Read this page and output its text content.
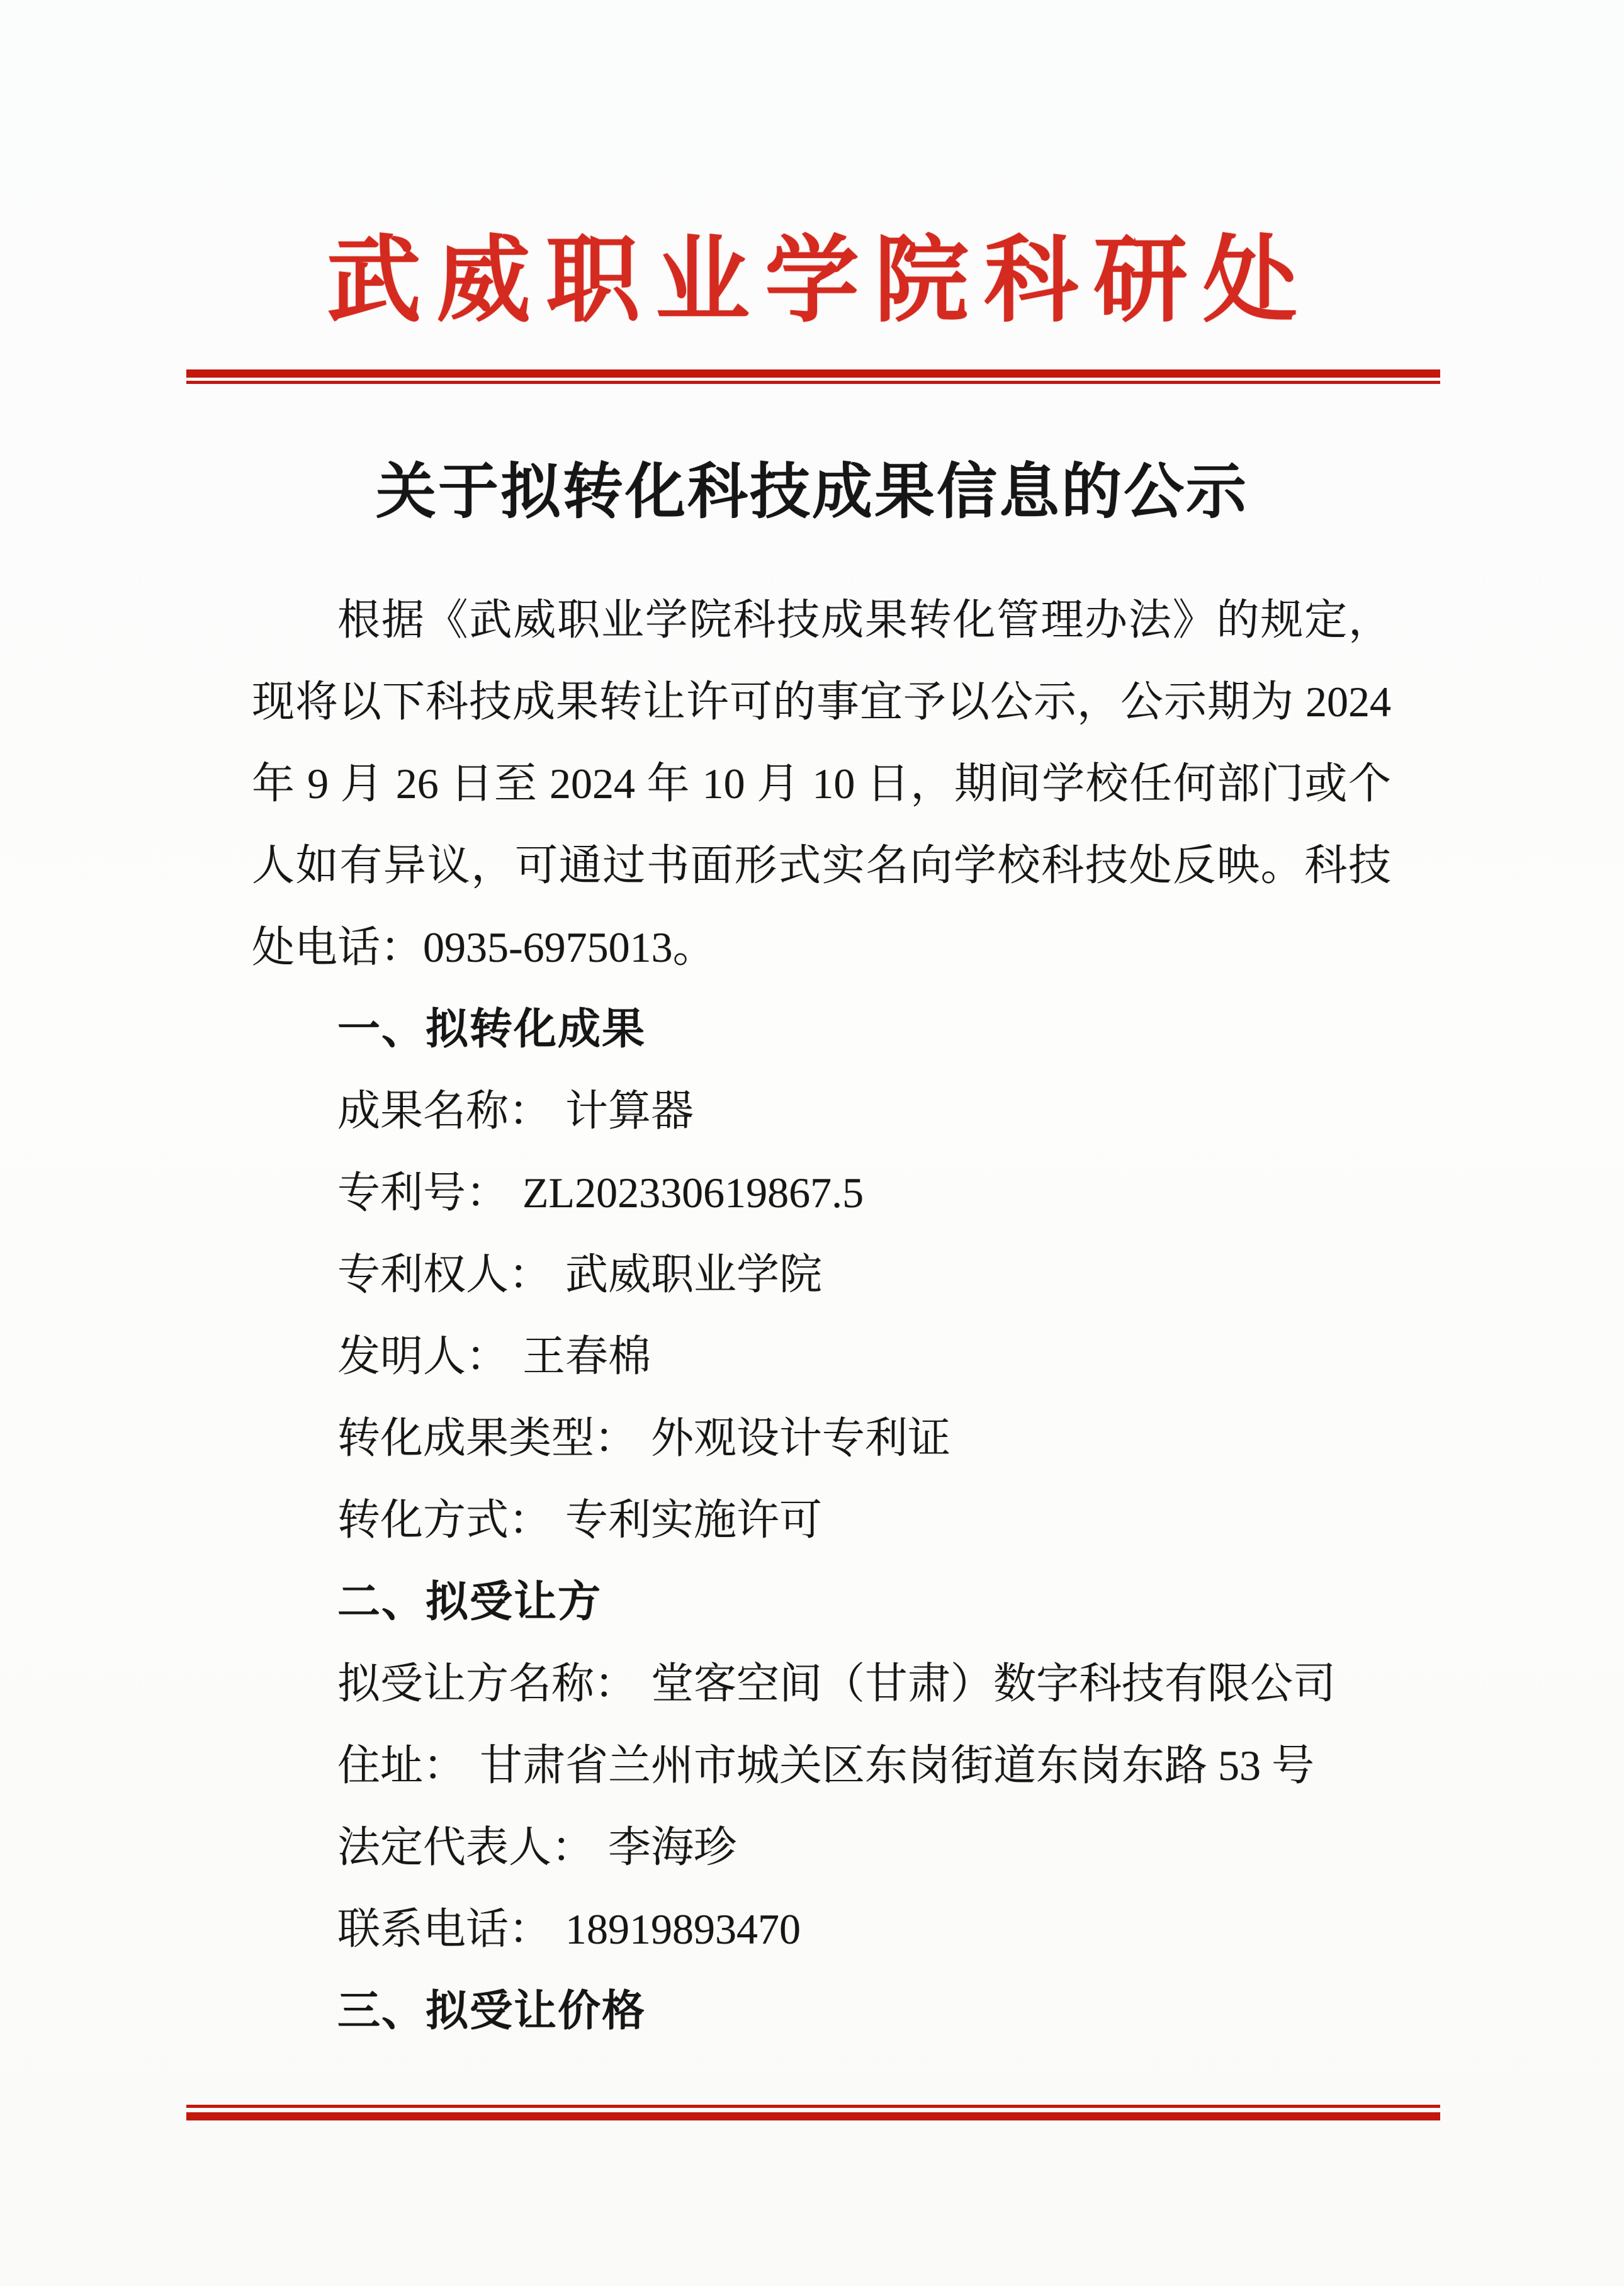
武威职业学院科研处
关于拟转化科技成果信息的公示
根据《武威职业学院科技成果转化管理办法》的规定，
现将以下科技成果转让许可的事宜予以公示，公示期为 2024
年 9 月 26 日至 2024 年 10 月 10 日，期间学校任何部门或个
人如有异议，可通过书面形式实名向学校科技处反映。科技
处电话：0935-6975013。
一、拟转化成果
成果名称： 计算器
专利号： ZL202330619867.5
专利权人： 武威职业学院
发明人： 王春棉
转化成果类型： 外观设计专利证
转化方式： 专利实施许可
二、拟受让方
拟受让方名称： 堂客空间（甘肃）数字科技有限公司
住址： 甘肃省兰州市城关区东岗街道东岗东路 53 号
法定代表人： 李海珍
联系电话： 18919893470
三、拟受让价格
